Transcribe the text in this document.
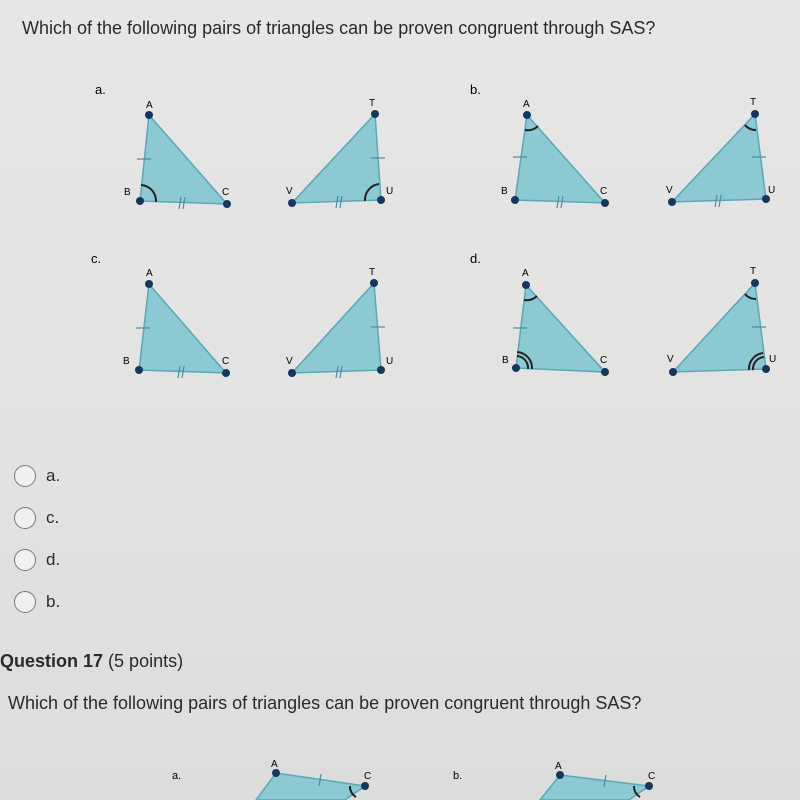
Which of the following pairs of triangles can be proven congruent through SAS?
a.
A
B	C
T
V	U
b.
A
B	C
T
V	U
c.
A
B	C
T
V	U
d.
A
B	C
T
V	U
a.
c.
d.
b.
Question 17 (5 points)
Which of the following pairs of triangles can be proven congruent through SAS?
a.
A
C	b.
A
C
